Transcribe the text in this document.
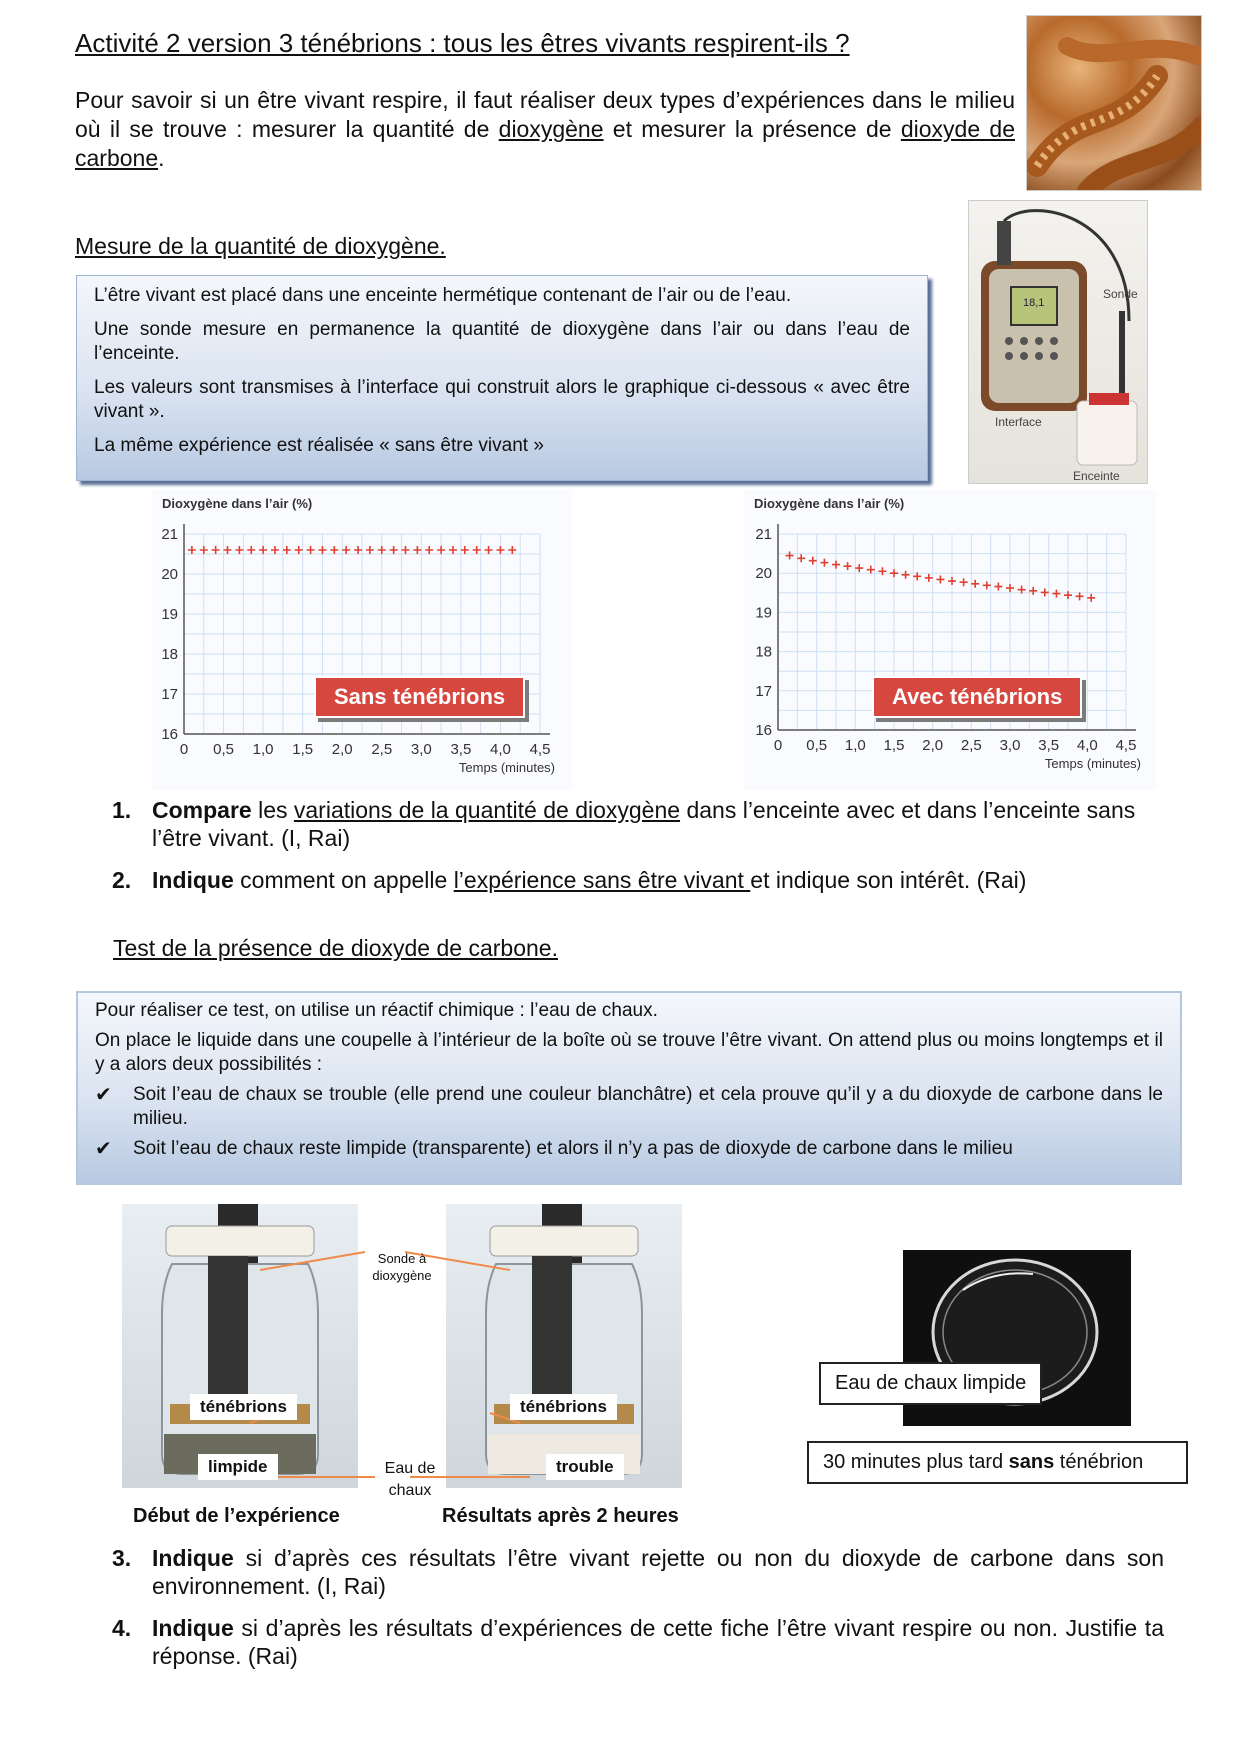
Activité 2 version 3 ténébrions : tous les êtres vivants respirent-ils ?
Pour savoir si un être vivant respire, il faut réaliser deux types d’expériences dans le milieu où il se trouve : mesurer la quantité de dioxygène et mesurer la présence de dioxyde de carbone.
Mesure de la quantité de dioxygène.

L’être vivant est placé dans une enceinte hermétique contenant de l’air ou de l’eau.

Une sonde mesure en permanence la quantité de dioxygène dans l’air ou dans l’eau de l’enceinte.

Les valeurs sont transmises à l’interface qui construit alors le graphique ci-dessous « avec être vivant ».

La même expérience est réalisée « sans être vivant »

Sonde
Interface
Enceinte
18,1
0 0,5 1,0 1,5 2,0 2,5 3,0 3,5 4,0 4,5
16
17
18
19
20
21
Dioxygène dans l’air (%)
Temps (minutes)
0 0,5 1,0 1,5 2,0 2,5 3,0 3,5 4,0 4,5
16
17
18
19
20
21
Dioxygène dans l’air (%)
Temps (minutes)
Sans ténébrions	Avec ténébrions
1. Compare les variations de la quantité de dioxygène dans l’enceinte avec et dans l’enceinte sans l’être vivant. (I, Rai)
2. Indique comment on appelle l’expérience sans être vivant et indique son intérêt. (Rai)
Test de la présence de dioxyde de carbone.

Pour réaliser ce test, on utilise un réactif chimique : l’eau de chaux.

On place le liquide dans une coupelle à l’intérieur de la boîte où se trouve l’être vivant. On attend plus ou moins longtemps et il y a alors deux possibilités :

✔	Soit l’eau de chaux se trouble (elle prend une couleur blanchâtre) et cela prouve qu’il y a du dioxyde de carbone dans le milieu.
✔	Soit l’eau de chaux reste limpide (transparente) et alors il n’y a pas de dioxyde de carbone dans le milieu
Sonde à dioxygène
ténébrions	ténébrions
limpide	trouble
Eau de
chaux
Début de l’expérience	Résultats après 2 heures
Eau de chaux limpide
30 minutes plus tard sans ténébrion
3. Indique si d’après ces résultats l’être vivant rejette ou non du dioxyde de carbone dans son environnement. (I, Rai)
4. Indique si d’après les résultats d’expériences de cette fiche l’être vivant respire ou non. Justifie ta réponse. (Rai)
